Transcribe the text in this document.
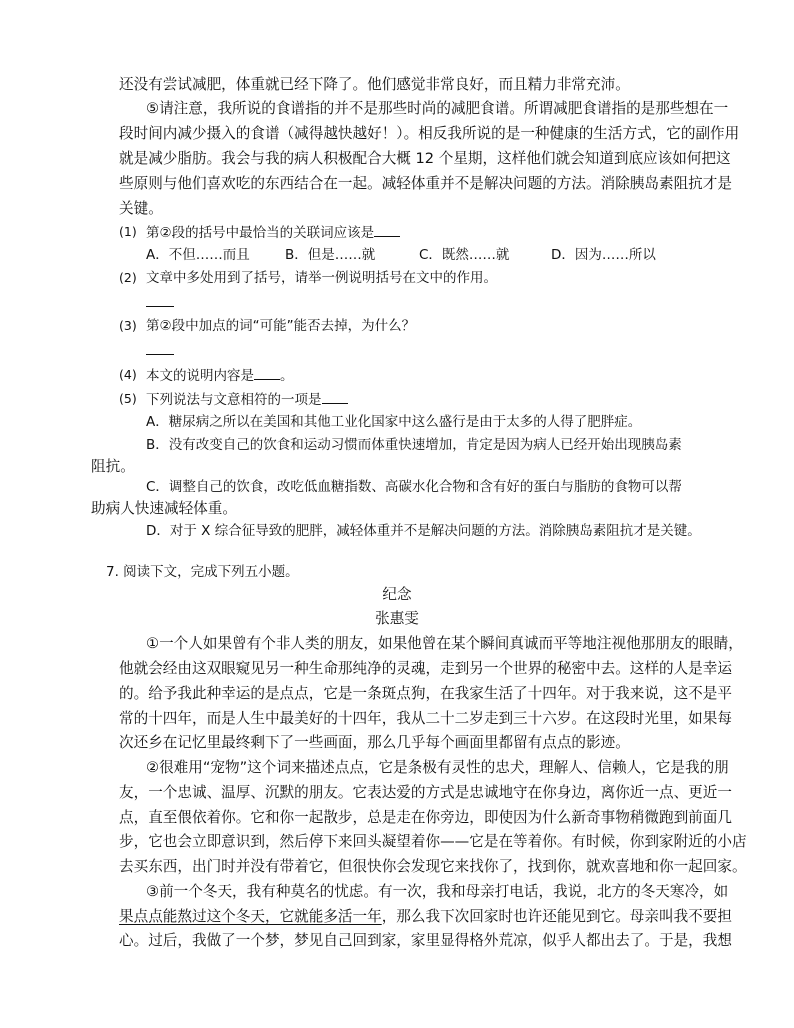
还没有尝试减肥，体重就已经下降了。他们感觉非常良好，而且精力非常充沛。
⑤请注意，我所说的食谱指的并不是那些时尚的减肥食谱。所谓减肥食谱指的是那些想在一
段时间内减少摄入的食谱（减得越快越好！）。相反我所说的是一种健康的生活方式，它的副作用
就是减少脂肪。我会与我的病人积极配合大概 12 个星期，这样他们就会知道到底应该如何把这
些原则与他们喜欢吃的东西结合在一起。减轻体重并不是解决问题的方法。消除胰岛素阻抗才是
关键。
(1) 第②段的括号中最恰当的关联词应该是
A．不但……而且	B．但是……就	C．既然……就	D．因为……所以
(2) 文章中多处用到了括号，请举一例说明括号在文中的作用。
(3) 第②段中加点的词“可能”能否去掉，为什么？
(4) 本文的说明内容是 。
(5) 下列说法与文意相符的一项是
A．糖尿病之所以在美国和其他工业化国家中这么盛行是由于太多的人得了肥胖症。
B．没有改变自己的饮食和运动习惯而体重快速增加，肯定是因为病人已经开始出现胰岛素
阻抗。
C．调整自己的饮食，改吃低血糖指数、高碳水化合物和含有好的蛋白与脂肪的食物可以帮
助病人快速减轻体重。
D．对于 X 综合征导致的肥胖，减轻体重并不是解决问题的方法。消除胰岛素阻抗才是关键。
7. 阅读下文，完成下列五小题。
纪念
张惠雯
①一个人如果曾有个非人类的朋友，如果他曾在某个瞬间真诚而平等地注视他那朋友的眼睛，
他就会经由这双眼窥见另一种生命那纯净的灵魂，走到另一个世界的秘密中去。这样的人是幸运
的。给予我此种幸运的是点点，它是一条斑点狗，在我家生活了十四年。对于我来说，这不是平
常的十四年，而是人生中最美好的十四年，我从二十二岁走到三十六岁。在这段时光里，如果每
次还乡在记忆里最终剩下了一些画面，那么几乎每个画面里都留有点点的影迹。
②很难用“宠物”这个词来描述点点，它是条极有灵性的忠犬，理解人、信赖人，它是我的朋
友，一个忠诚、温厚、沉默的朋友。它表达爱的方式是忠诚地守在你身边，离你近一点、更近一
点，直至偎依着你。它和你一起散步，总是走在你旁边，即使因为什么新奇事物稍微跑到前面几
步，它也会立即意识到，然后停下来回头凝望着你——它是在等着你。有时候，你到家附近的小店
去买东西，出门时并没有带着它，但很快你会发现它来找你了，找到你，就欢喜地和你一起回家。
③前一个冬天，我有种莫名的忧虑。有一次，我和母亲打电话，我说，北方的冬天寒冷，如
果点点能熬过这个冬天，它就能多活一年，那么我下次回家时也许还能见到它。母亲叫我不要担
心。过后，我做了一个梦，梦见自己回到家，家里显得格外荒凉，似乎人都出去了。于是，我想
